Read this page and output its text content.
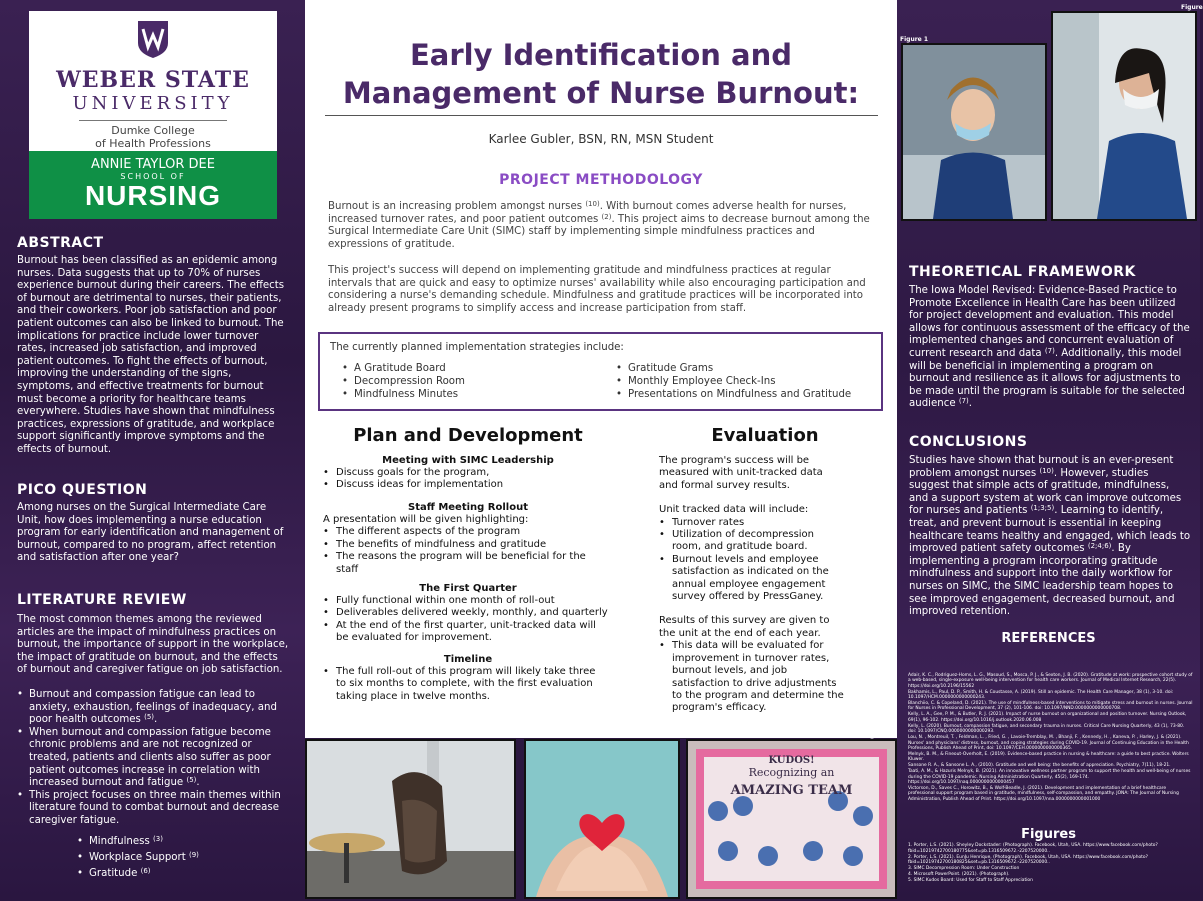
WEBER STATE
UNIVERSITY
Dumke College
of Health Professions
ANNIE TAYLOR DEE
SCHOOL OF
NURSING
ABSTRACT
Burnout has been classified as an epidemic among nurses. Data suggests that up to 70% of nurses experience burnout during their careers. The effects of burnout are detrimental to nurses, their patients, and their coworkers. Poor job satisfaction and poor patient outcomes can also be linked to burnout. The implications for practice include lower turnover rates, increased job satisfaction, and improved patient outcomes. To fight the effects of burnout, improving the understanding of the signs, symptoms, and effective treatments for burnout must become a priority for healthcare teams everywhere. Studies have shown that mindfulness practices, expressions of gratitude, and workplace support significantly improve symptoms and the effects of burnout.
PICO QUESTION
Among nurses on the Surgical Intermediate Care Unit, how does implementing a nurse education program for early identification and management of burnout, compared to no program, affect retention and satisfaction after one year?
LITERATURE REVIEW

The most common themes among the reviewed articles are the impact of mindfulness practices on burnout, the importance of support in the workplace, the impact of gratitude on burnout, and the effects of burnout and caregiver fatigue on job satisfaction.

• Burnout and compassion fatigue can lead to anxiety, exhaustion, feelings of inadequacy, and poor health outcomes $^{(5)}$.
• When burnout and compassion fatigue become chronic problems and are not recognized or treated, patients and clients also suffer as poor patient outcomes increase in correlation with increased burnout and fatigue $^{(5)}$.
• This project focuses on three main themes within literature found to combat burnout and decrease caregiver fatigue.
• Mindfulness $^{(3)}$
• Workplace Support $^{(9)}$
• Gratitude $^{(6)}$
Early Identification and
Management of Nurse Burnout:
Karlee Gubler, BSN, RN, MSN Student
PROJECT METHODOLOGY
Burnout is an increasing problem amongst nurses $^{(10)}$. With burnout comes adverse health for nurses, increased turnover rates, and poor patient outcomes $^{(2)}$. This project aims to decrease burnout among the Surgical Intermediate Care Unit (SIMC) staff by implementing simple mindfulness practices and expressions of gratitude.
This project's success will depend on implementing gratitude and mindfulness practices at regular intervals that are quick and easy to optimize nurses' availability while also encouraging participation and considering a nurse's demanding schedule. Mindfulness and gratitude practices will be incorporated into already present programs to simplify access and increase participation from staff.
The currently planned implementation strategies include:
• A Gratitude Board
• Decompression Room
• Mindfulness Minutes
• Gratitude Grams
• Monthly Employee Check-Ins
• Presentations on Mindfulness and Gratitude
Plan and Development
Meeting with SIMC Leadership
• Discuss goals for the program,
• Discuss ideas for implementation
Staff Meeting Rollout
A presentation will be given highlighting:
• The different aspects of the program
• The benefits of mindfulness and gratitude
• The reasons the program will be beneficial for the staff
The First Quarter
• Fully functional within one month of roll-out
• Deliverables delivered weekly, monthly, and quarterly
• At the end of the first quarter, unit-tracked data will be evaluated for improvement.
Timeline
• The full roll-out of this program will likely take three to six months to complete, with the first evaluation taking place in twelve months.
Evaluation

The program's success will be measured with unit-tracked data and formal survey results.

Unit tracked data will include:

• Turnover rates
• Utilization of decompression room, and gratitude board.
• Burnout levels and employee satisfaction as indicated on the annual employee engagement survey offered by PressGaney.

Results of this survey are given to the unit at the end of each year.

• This data will be evaluated for improvement in turnover rates, burnout levels, and job satisfaction to drive adjustments to the program and determine the program's efficacy.
Figure 3	Figure 4	Figure
KUDOS!
Recognizing an
AMAZING TEAM
Figure 1
Figure
THEORETICAL FRAMEWORK
The Iowa Model Revised: Evidence-Based Practice to Promote Excellence in Health Care has been utilized for project development and evaluation. This model allows for continuous assessment of the efficacy of the implemented changes and concurrent evaluation of current research and data $^{(7)}$. Additionally, this model will be beneficial in implementing a program on burnout and resilience as it allows for adjustments to be made until the program is suitable for the selected audience $^{(7)}$.
CONCLUSIONS
Studies have shown that burnout is an ever-present problem amongst nurses $^{(10)}$. However, studies suggest that simple acts of gratitude, mindfulness, and a support system at work can improve outcomes for nurses and patients $^{(1;3;5)}$. Learning to identify, treat, and prevent burnout is essential in keeping healthcare teams healthy and engaged, which leads to improved patient safety outcomes $^{(2;4;6)}$. By implementing a program incorporating gratitude mindfulness and support into the daily workflow for nurses on SIMC, the SIMC leadership team hopes to see improved engagement, decreased burnout, and improved retention.
REFERENCES
Figures

Adair, K. C., Rodriguez-Homs, L. G., Masoud, S., Mosca, P. J., & Sexton, J. B. (2020). Gratitude at work: prospective cohort study of a web-based, single-exposure well-being intervention for health care workers. Journal of Medical Internet Research, 22(5). https://doi.org/10.2196/15562

Bakhamis, L., Paul, D. P., Smith, H. & Coustasse, A. (2019). Still an epidemic. The Health Care Manager, 38 (1), 3-10. doi: 10.1097/HCM.0000000000000243.

Blanchiio, C. & Copeland, D. (2021). The use of mindfulness-based interventions to mitigate stress and burnout in nurses. Journal for Nurses in Professional Development, 37 (2), 101-106. doi: 10.1097/NND.0000000000000708.

Kelly, L. A., Gee, P. M., & Butler, R. J. (2021). Impact of nurse burnout on organizational and position turnover. Nursing Outlook, 69(1), 96-102. https://doi.org/10.1016/j.outlook.2020.06.008

Kelly, L. (2020). Burnout, compassion fatigue, and secondary trauma in nurses. Critical Care Nursing Quarterly, 43 (1), 73-80. doi: 10.1097/CNQ.0000000000000293.

Lou, N. , Montreuil, T. , Feldman, L. , Fried, G. , Lavoie-Tremblay, M. , Bhanji, F. , Kennedy, H. , Kaneva, P. , Harley, J. & (2021). Nurses' and physicians' distress, burnout, and coping strategies during COVID-19. Journal of Continuing Education in the Health Professions, Publish Ahead of Print, doi: 10.1097/CEH.0000000000000365.

Melnyk, B. M., & Fineout-Overholt, E. (2019). Evidence-based practice in nursing & healthcare: a guide to best practice. Wolters Kluwer.

Sansone R. A., & Sansone L. A., (2010). Gratitude and well being: the benefits of appreciation. Psychiatry, 7(11), 18-21.

Taati, A. M., & Hazuris Melnyk, B. (2021). An innovative wellness partner program to support the health and well-being of nurses during the COVID-19 pandemic. Nursing Administration Quarterly, 45(2), 169-174. https://doi.org/10.1097/naq.0000000000000457

Victorson, D., Saves C., Horowitz, B., & Wolf-Beadle, J. (2021). Development and implementation of a brief healthcare professional support program based in gratitude, mindfulness, self-compassion, and empathy. JONA: The Journal of Nursing Administration, Publish Ahead of Print. https://doi.org/10.1097/nna.0000000000001000

1. Porter, L.S. (2021). Sheyley Dockstader: (Photograph). Facebook, Utah, USA. https://www.facebook.com/photo?fbid=10219742700180775&set=pb.1316509672.-2207520000..

2. Porter, L.S. (2021). EunJu Henrique, (Photograph). Facebook, Utah, USA. https://www.facebook.com/photo?fbid=10219742700180825&set=pb.1316509672.-2207520000..

3. SIMC Decompression Room: Under Construction

4. Microsoft PowerPoint. (2021). (Photograph).

5. SIMC Kudos Board: Used for Staff to Staff Appreciation
